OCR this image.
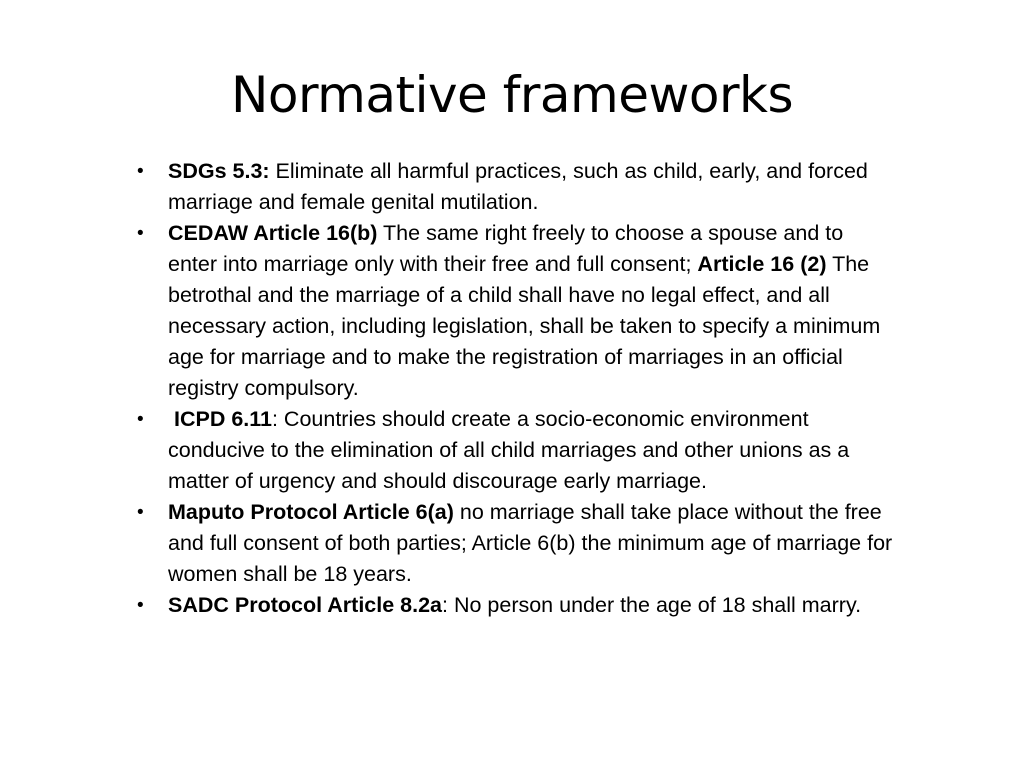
Normative frameworks
•	SDGs 5.3: Eliminate all harmful practices, such as child, early, and forced marriage and female genital mutilation.
•	CEDAW Article 16(b) The same right freely to choose a spouse and to enter into marriage only with their free and full consent; Article 16 (2) The betrothal and the marriage of a child shall have no legal effect, and all necessary action, including legislation, shall be taken to specify a minimum age for marriage and to make the registration of marriages in an official registry compulsory.
•	ICPD 6.11: Countries should create a socio-economic environment conducive to the elimination of all child marriages and other unions as a matter of urgency and should discourage early marriage.
•	Maputo Protocol Article 6(a) no marriage shall take place without the free and full consent of both parties; Article 6(b) the minimum age of marriage for women shall be 18 years.
•	SADC Protocol Article 8.2a: No person under the age of 18 shall marry.
